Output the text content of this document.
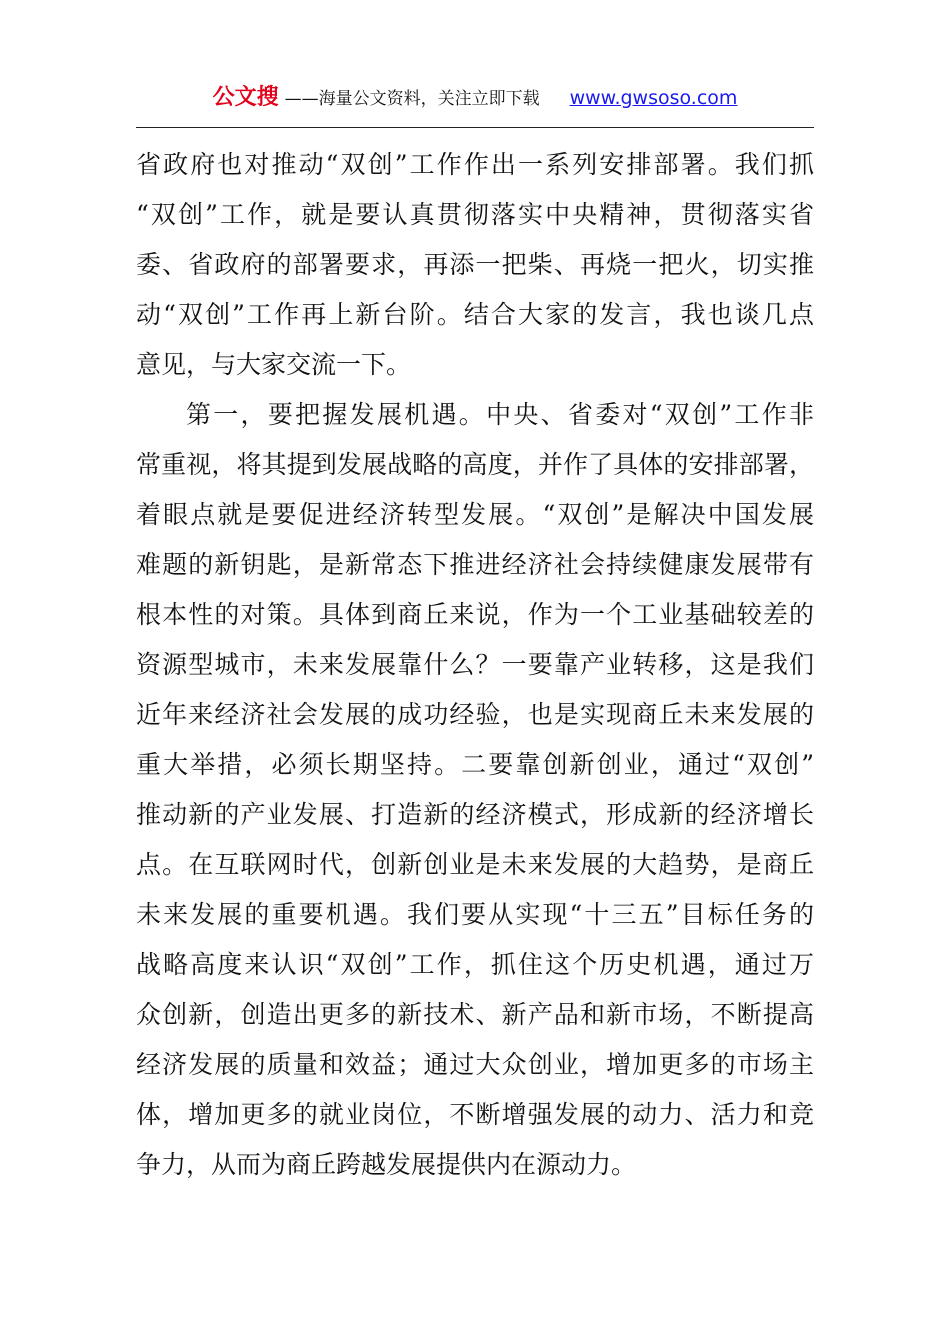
公文搜 ——海量公文资料，关注立即下载 www.gwsoso.com
省政府也对推动“双创”工作作出一系列安排部署。我们抓
“双创”工作，就是要认真贯彻落实中央精神，贯彻落实省
委、省政府的部署要求，再添一把柴、再烧一把火，切实推
动“双创”工作再上新台阶。结合大家的发言，我也谈几点
意见，与大家交流一下。
第一，要把握发展机遇。中央、省委对“双创”工作非
常重视，将其提到发展战略的高度，并作了具体的安排部署，
着眼点就是要促进经济转型发展。“双创”是解决中国发展
难题的新钥匙，是新常态下推进经济社会持续健康发展带有
根本性的对策。具体到商丘来说，作为一个工业基础较差的
资源型城市，未来发展靠什么？一要靠产业转移，这是我们
近年来经济社会发展的成功经验，也是实现商丘未来发展的
重大举措，必须长期坚持。二要靠创新创业，通过“双创”
推动新的产业发展、打造新的经济模式，形成新的经济增长
点。在互联网时代，创新创业是未来发展的大趋势，是商丘
未来发展的重要机遇。我们要从实现“十三五”目标任务的
战略高度来认识“双创”工作，抓住这个历史机遇，通过万
众创新，创造出更多的新技术、新产品和新市场，不断提高
经济发展的质量和效益；通过大众创业，增加更多的市场主
体，增加更多的就业岗位，不断增强发展的动力、活力和竞
争力，从而为商丘跨越发展提供内在源动力。
